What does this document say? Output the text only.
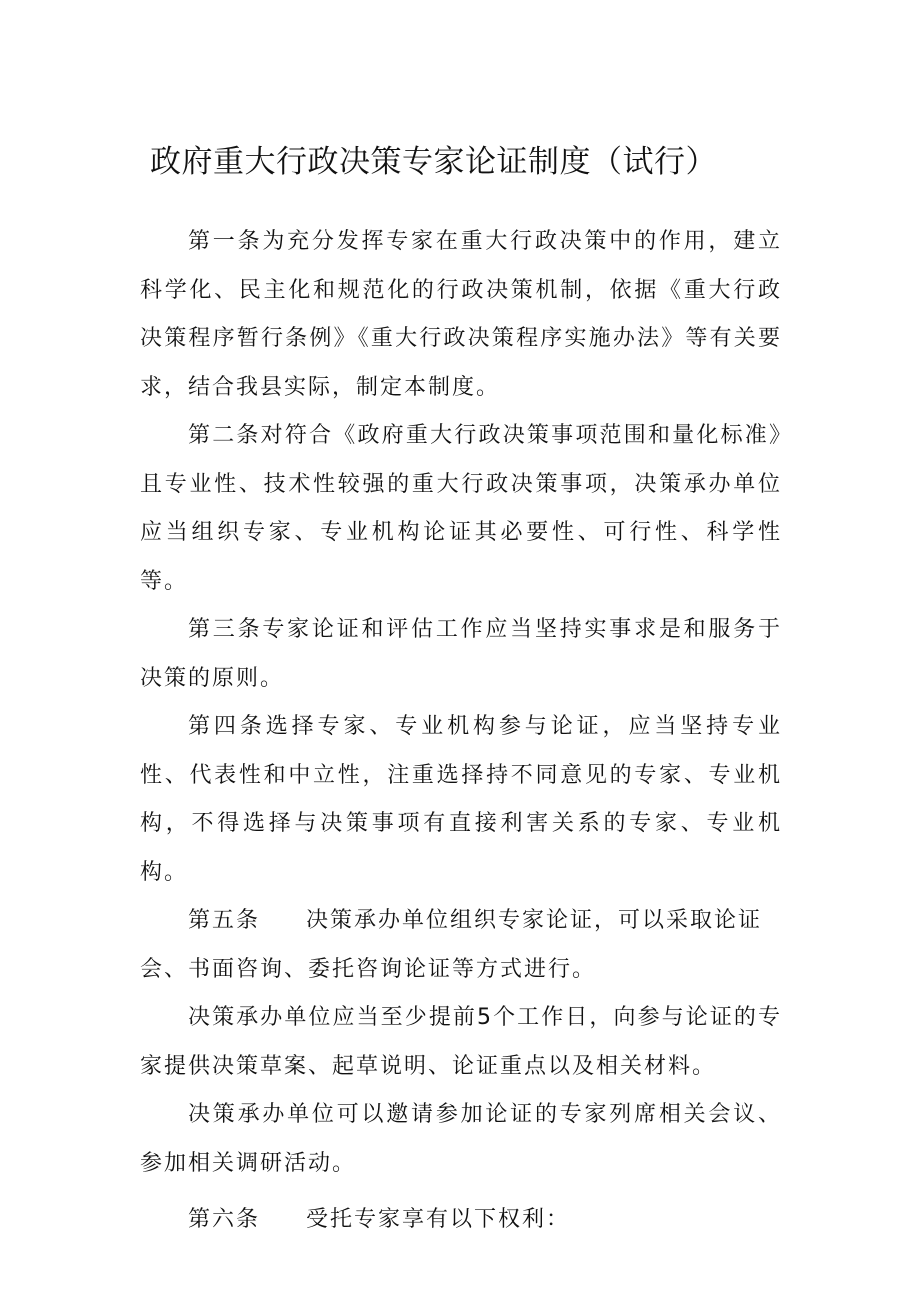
政府重大行政决策专家论证制度（试行）

第一条为充分发挥专家在重大行政决策中的作用，建立科学化、民主化和规范化的行政决策机制，依据《重大行政决策程序暂行条例》《重大行政决策程序实施办法》等有关要求，结合我县实际，制定本制度。

第二条对符合《政府重大行政决策事项范围和量化标准》且专业性、技术性较强的重大行政决策事项，决策承办单位应当组织专家、专业机构论证其必要性、可行性、科学性等。

第三条专家论证和评估工作应当坚持实事求是和服务于决策的原则。

第四条选择专家、专业机构参与论证，应当坚持专业性、代表性和中立性，注重选择持不同意见的专家、专业机构，不得选择与决策事项有直接利害关系的专家、专业机构。

第五条 决策承办单位组织专家论证，可以采取论证会、书面咨询、委托咨询论证等方式进行。

决策承办单位应当至少提前5个工作日，向参与论证的专家提供决策草案、起草说明、论证重点以及相关材料。

决策承办单位可以邀请参加论证的专家列席相关会议、参加相关调研活动。

第六条 受托专家享有以下权利：
